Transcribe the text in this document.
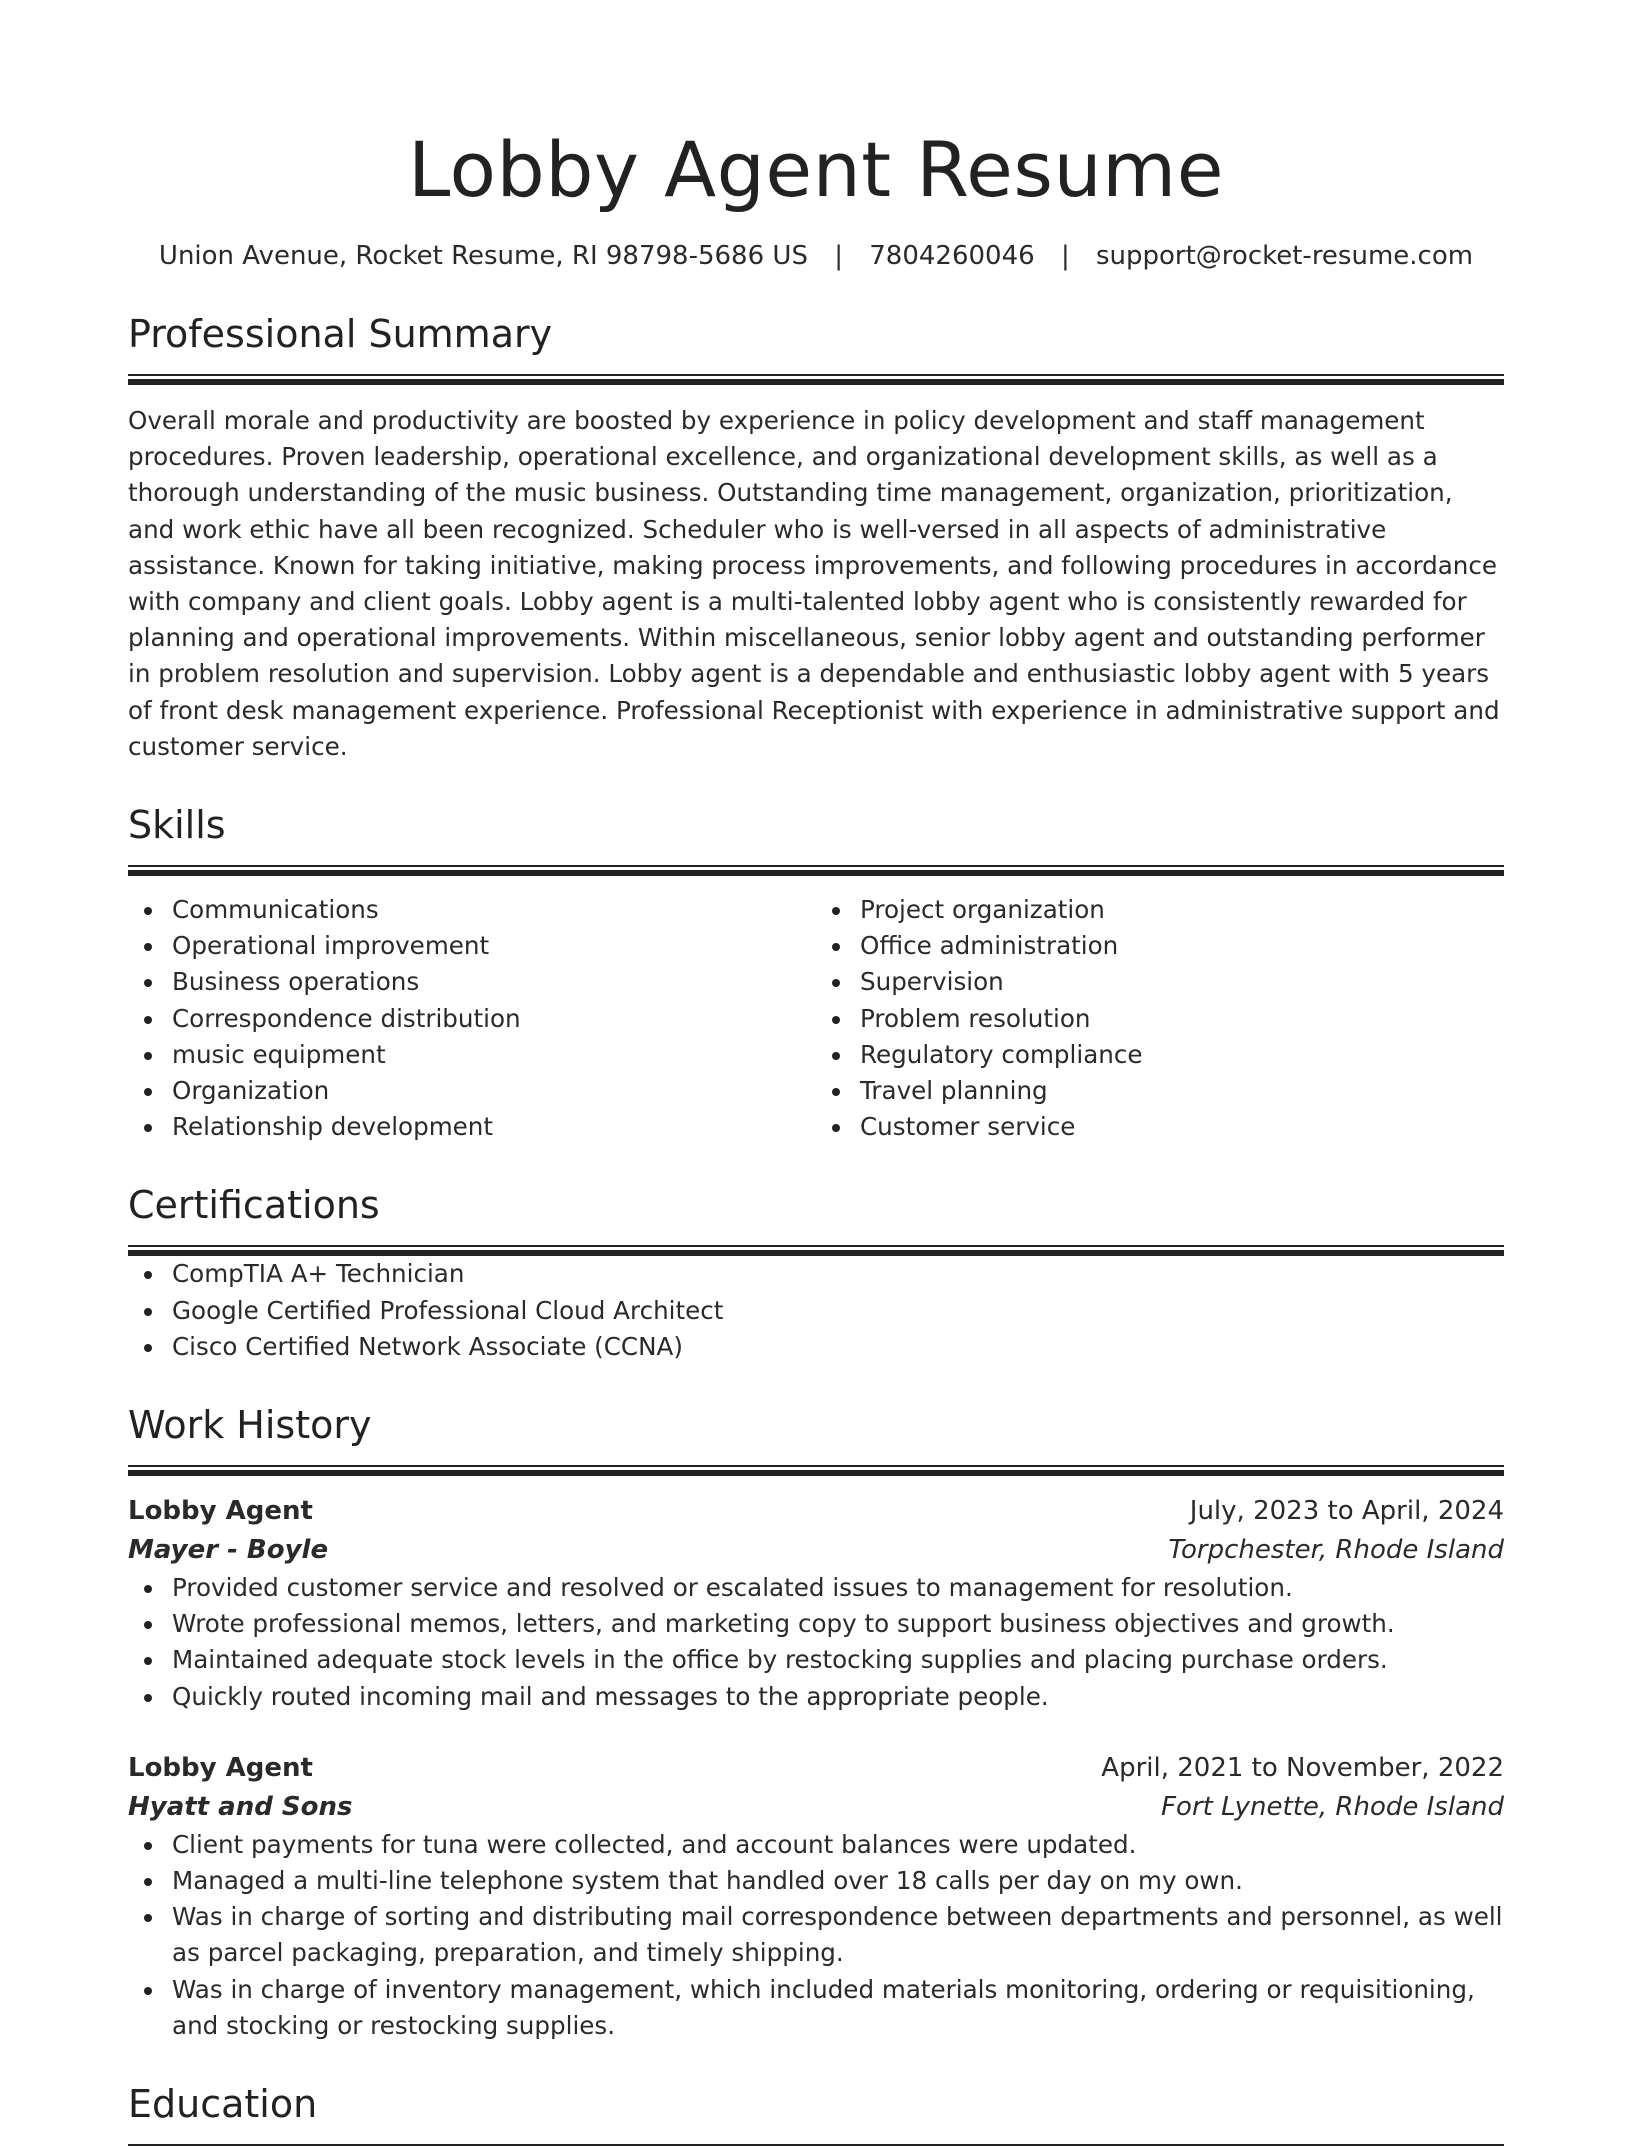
Lobby Agent Resume
Union Avenue, Rocket Resume, RI 98798-5686 US | 7804260046 | support@rocket-resume.com
Professional Summary

Overall morale and productivity are boosted by experience in policy development and staff management procedures. Proven leadership, operational excellence, and organizational development skills, as well as a thorough understanding of the music business. Outstanding time management, organization, prioritization, and work ethic have all been recognized. Scheduler who is well-versed in all aspects of administrative assistance. Known for taking initiative, making process improvements, and following procedures in accordance with company and client goals. Lobby agent is a multi-talented lobby agent who is consistently rewarded for planning and operational improvements. Within miscellaneous, senior lobby agent and outstanding performer in problem resolution and supervision. Lobby agent is a dependable and enthusiastic lobby agent with 5 years of front desk management experience. Professional Receptionist with experience in administrative support and customer service.

Skills
Communications
Operational improvement
Business operations
Correspondence distribution
music equipment
Organization
Relationship development
Project organization
Office administration
Supervision
Problem resolution
Regulatory compliance
Travel planning
Customer service
Certifications
CompTIA A+ Technician
Google Certified Professional Cloud Architect
Cisco Certified Network Associate (CCNA)
Work History
Lobby Agent	July, 2023 to April, 2024
Mayer - Boyle	Torpchester, Rhode Island
Provided customer service and resolved or escalated issues to management for resolution.
Wrote professional memos, letters, and marketing copy to support business objectives and growth.
Maintained adequate stock levels in the office by restocking supplies and placing purchase orders.
Quickly routed incoming mail and messages to the appropriate people.
Lobby Agent	April, 2021 to November, 2022
Hyatt and Sons	Fort Lynette, Rhode Island
Client payments for tuna were collected, and account balances were updated.
Managed a multi-line telephone system that handled over 18 calls per day on my own.
Was in charge of sorting and distributing mail correspondence between departments and personnel, as well as parcel packaging, preparation, and timely shipping.
Was in charge of inventory management, which included materials monitoring, ordering or requisitioning, and stocking or restocking supplies.
Education
